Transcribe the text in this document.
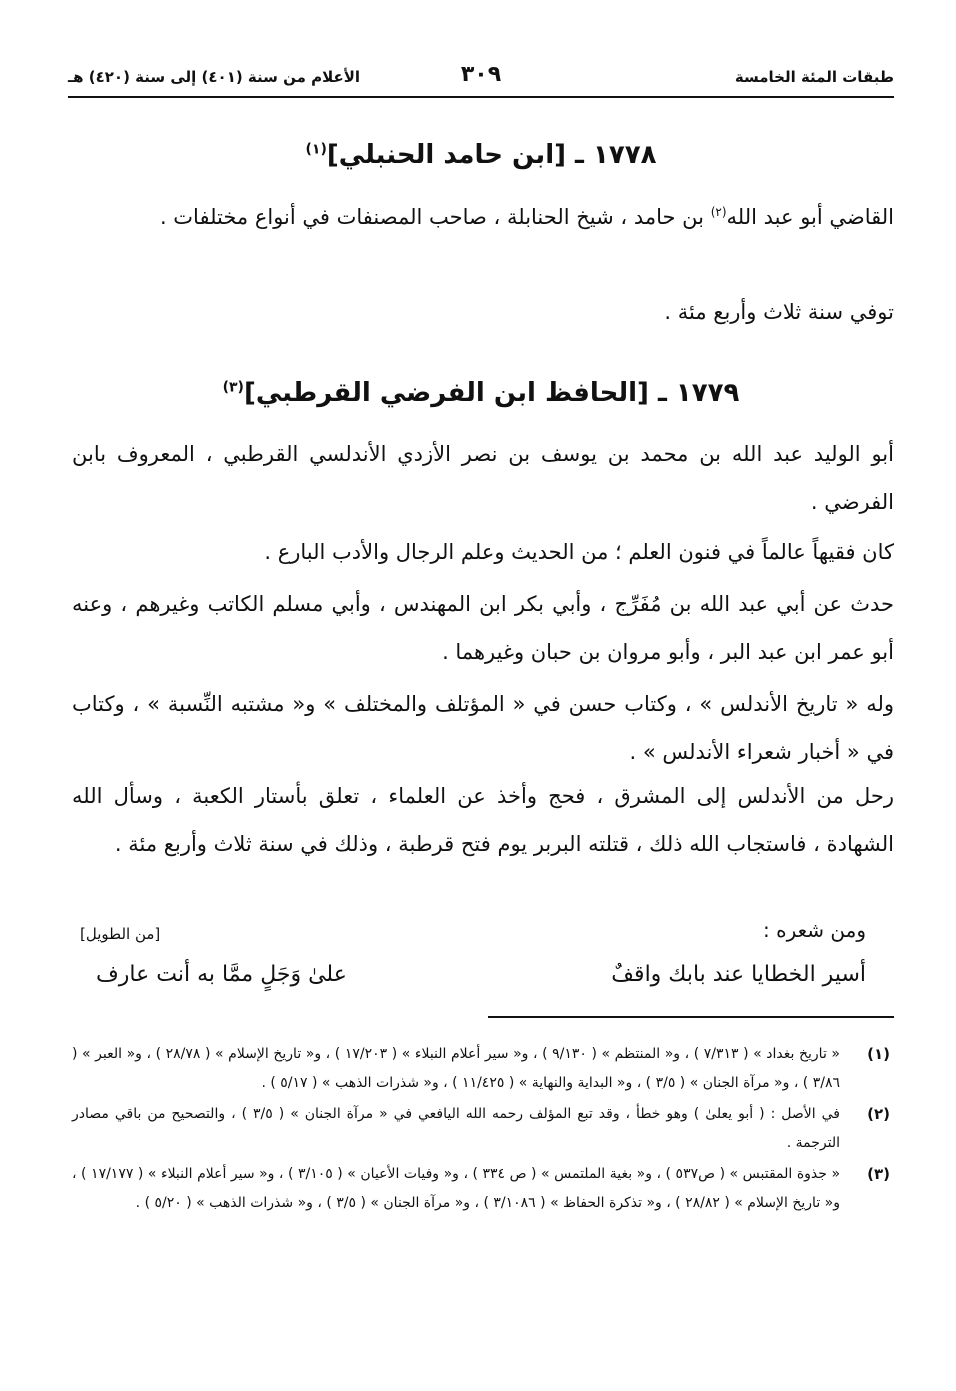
طبقات المئة الخامسة
٣٠٩
الأعلام من سنة (٤٠١) إلى سنة (٤٢٠) هـ
١٧٧٨ ـ [ابن حامد الحنبلي]$^{(١)}$

القاضي أبو عبد الله$^{(٢)}$ بن حامد ، شيخ الحنابلة ، صاحب المصنفات في أنواع مختلفات .

توفي سنة ثلاث وأربع مئة .

١٧٧٩ ـ [الحافظ ابن الفرضي القرطبي]$^{(٣)}$

أبو الوليد عبد الله بن محمد بن يوسف بن نصر الأزدي الأندلسي القرطبي ، المعروف بابن الفرضي .

كان فقيهاً عالماً في فنون العلم ؛ من الحديث وعلم الرجال والأدب البارع .

حدث عن أبي عبد الله بن مُفَرِّج ، وأبي بكر ابن المهندس ، وأبي مسلم الكاتب وغيرهم ، وعنه أبو عمر ابن عبد البر ، وأبو مروان بن حبان وغيرهما .

وله « تاريخ الأندلس » ، وكتاب حسن في « المؤتلف والمختلف » و« مشتبه النِّسبة » ، وكتاب في « أخبار شعراء الأندلس » .

رحل من الأندلس إلى المشرق ، فحج وأخذ عن العلماء ، تعلق بأستار الكعبة ، وسأل الله الشهادة ، فاستجاب الله ذلك ، قتلته البربر يوم فتح قرطبة ، وذلك في سنة ثلاث وأربع مئة .

ومن شعره :
[من الطويل]
أسير الخطايا عند بابك واقفٌ
علىٰ وَجَلٍ ممَّا به أنت عارف
(١)
« تاريخ بغداد » ( ٧/٣١٣ ) ، و« المنتظم » ( ٩/١٣٠ ) ، و« سير أعلام النبلاء » ( ١٧/٢٠٣ ) ، و« تاريخ الإسلام » ( ٢٨/٧٨ ) ، و« العبر » ( ٣/٨٦ ) ، و« مرآة الجنان » ( ٣/٥ ) ، و« البداية والنهاية » ( ١١/٤٢٥ ) ، و« شذرات الذهب » ( ٥/١٧ ) .
(٢)
في الأصل : ( أبو يعلىٰ ) وهو خطأ ، وقد تبع المؤلف رحمه الله اليافعي في « مرآة الجنان » ( ٣/٥ ) ، والتصحيح من باقي مصادر الترجمة .
(٣)
« جذوة المقتبس » ( ص٥٣٧ ) ، و« بغية الملتمس » ( ص ٣٣٤ ) ، و« وفيات الأعيان » ( ٣/١٠٥ ) ، و« سير أعلام النبلاء » ( ١٧/١٧٧ ) ، و« تاريخ الإسلام » ( ٢٨/٨٢ ) ، و« تذكرة الحفاظ » ( ٣/١٠٨٦ ) ، و« مرآة الجنان » ( ٣/٥ ) ، و« شذرات الذهب » ( ٥/٢٠ ) .
